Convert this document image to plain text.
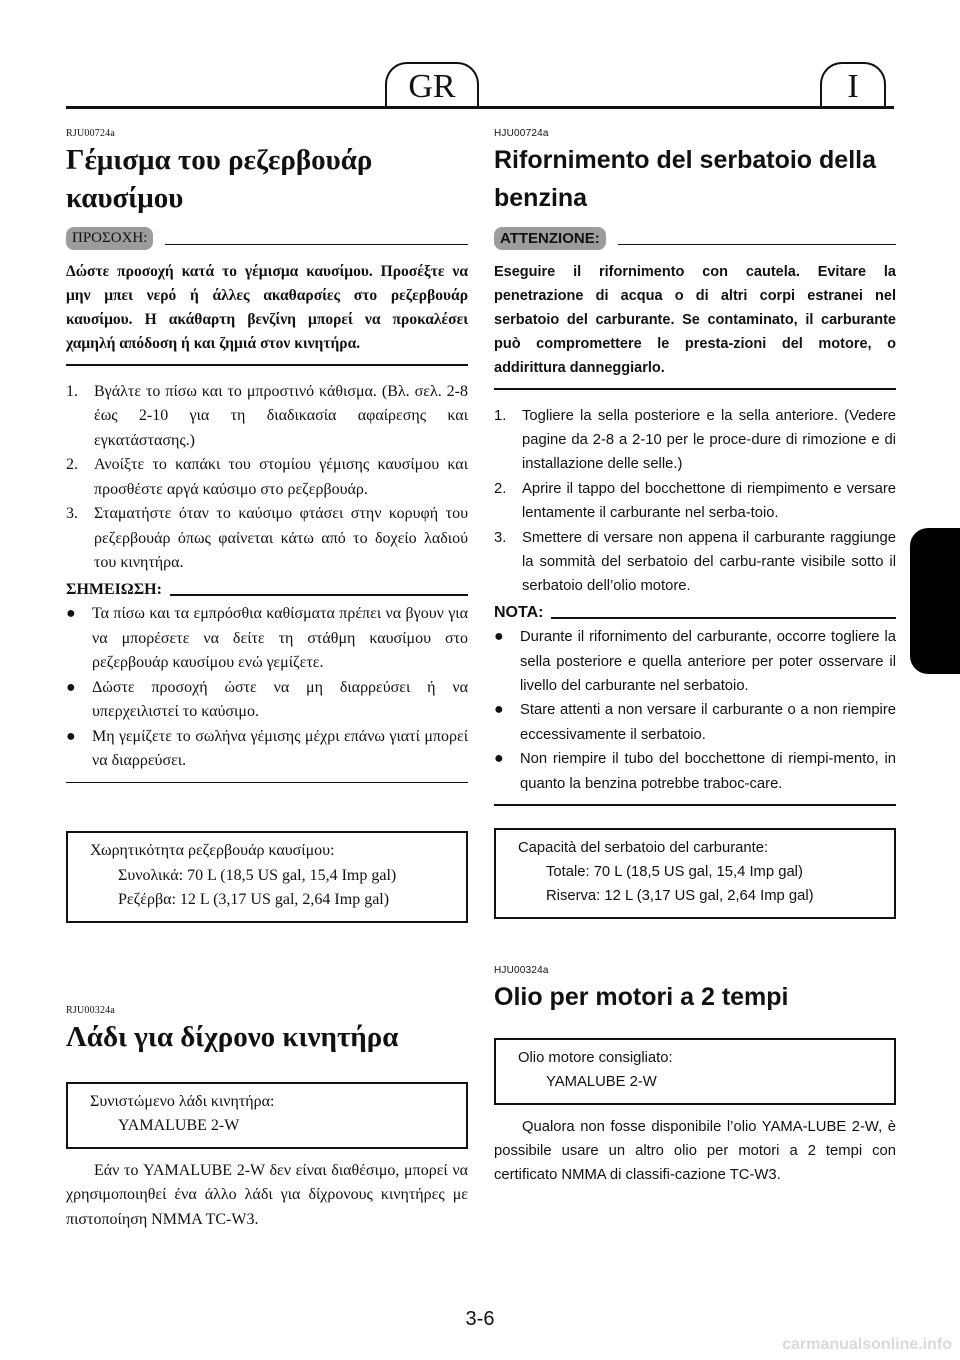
GR	I
RJU00724a
Γέμισμα του ρεζερβουάρ
καυσίμου
ΠΡΟΣΟΧΗ:
Δώστε προσοχή κατά το γέμισμα καυσίμου. Προσέξτε να μην μπει νερό ή άλλες ακαθαρσίες στο ρεζερβουάρ καυσίμου. Η ακάθαρτη βενζίνη μπορεί να προκαλέσει χαμηλή απόδοση ή και ζημιά στον κινητήρα.
1.	Βγάλτε το πίσω και το μπροστινό κάθισμα. (Βλ. σελ. 2-8 έως 2-10 για τη διαδικασία αφαίρεσης και εγκατάστασης.)
2.	Ανοίξτε το καπάκι του στομίου γέμισης καυσίμου και προσθέστε αργά καύσιμο στο ρεζερβουάρ.
3.	Σταματήστε όταν το καύσιμο φτάσει στην κορυφή του ρεζερβουάρ όπως φαίνεται κάτω από το δοχείο λαδιού του κινητήρα.
ΣΗΜΕΙΩΣΗ:
●	Τα πίσω και τα εμπρόσθια καθίσματα πρέπει να βγουν για να μπορέσετε να δείτε τη στάθμη καυσίμου στο ρεζερβουάρ καυσίμου ενώ γεμίζετε.
●	Δώστε προσοχή ώστε να μη διαρρεύσει ή να υπερχειλιστεί το καύσιμο.
●	Μη γεμίζετε το σωλήνα γέμισης μέχρι επάνω γιατί μπορεί να διαρρεύσει.
Χωρητικότητα ρεζερβουάρ καυσίμου:
Συνολικά: 70 L (18,5 US gal, 15,4 Imp gal)
Ρεζέρβα: 12 L (3,17 US gal, 2,64 Imp gal)
RJU00324a
Λάδι για δίχρονο κινητήρα
Συνιστώμενο λάδι κινητήρα:
YAMALUBE 2-W
Εάν το YAMALUBE 2-W δεν είναι διαθέσιμο, μπορεί να χρησιμοποιηθεί ένα άλλο λάδι για δίχρονους κινητήρες με πιστοποίηση NMMA TC-W3.
HJU00724a
Rifornimento del serbatoio della
benzina
ATTENZIONE:
Eseguire il rifornimento con cautela. Evitare la penetrazione di acqua o di altri corpi estranei nel serbatoio del carburante. Se contaminato, il carburante può compromettere le presta-zioni del motore, o addirittura danneggiarlo.
1.	Togliere la sella posteriore e la sella anteriore. (Vedere pagine da 2-8 a 2-10 per le proce-dure di rimozione e di installazione delle selle.)
2.	Aprire il tappo del bocchettone di riempimento e versare lentamente il carburante nel serba-toio.
3.	Smettere di versare non appena il carburante raggiunge la sommità del serbatoio del carbu-rante visibile sotto il serbatoio dell’olio motore.
NOTA:
●	Durante il rifornimento del carburante, occorre togliere la sella posteriore e quella anteriore per poter osservare il livello del carburante nel serbatoio.
●	Stare attenti a non versare il carburante o a non riempire eccessivamente il serbatoio.
●	Non riempire il tubo del bocchettone di riempi-mento, in quanto la benzina potrebbe traboc-care.
Capacità del serbatoio del carburante:
Totale: 70 L (18,5 US gal, 15,4 Imp gal)
Riserva: 12 L (3,17 US gal, 2,64 Imp gal)
HJU00324a
Olio per motori a 2 tempi
Olio motore consigliato:
YAMALUBE 2-W
Qualora non fosse disponibile l’olio YAMA-LUBE 2-W, è possibile usare un altro olio per motori a 2 tempi con certificato NMMA di classifi-cazione TC-W3.
3-6
carmanualsonline.info
